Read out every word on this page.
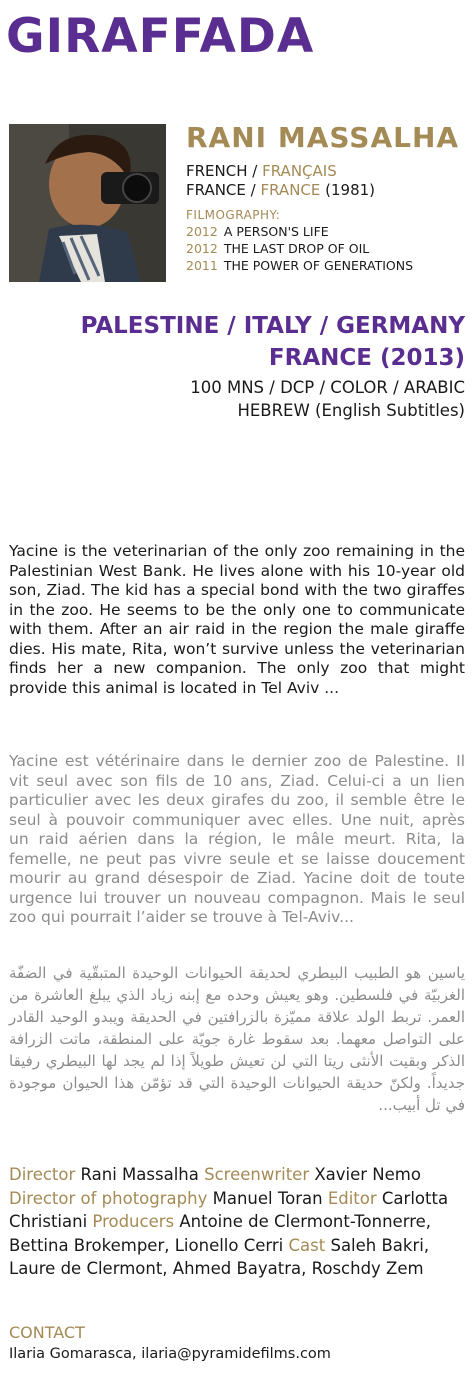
GIRAFFADA
RANI MASSALHA
FRENCH / FRANÇAIS
FRANCE / FRANCE (1981)
FILMOGRAPHY:
2012 A PERSON'S LIFE
2012 THE LAST DROP OF OIL
2011 THE POWER OF GENERATIONS
PALESTINE / ITALY / GERMANY
FRANCE (2013)
100 MNS / DCP / COLOR / ARABIC
HEBREW (English Subtitles)
Yacine is the veterinarian of the only zoo remaining in the Palestinian West Bank. He lives alone with his 10-year old son, Ziad. The kid has a special bond with the two giraffes in the zoo. He seems to be the only one to communicate with them. After an air raid in the region the male giraffe dies. His mate, Rita, won’t survive unless the veterinarian finds her a new companion. The only zoo that might provide this animal is located in Tel Aviv ...
Yacine est vétérinaire dans le dernier zoo de Palestine. Il vit seul avec son fils de 10 ans, Ziad. Celui-ci a un lien particulier avec les deux girafes du zoo, il semble être le seul à pouvoir communiquer avec elles. Une nuit, après un raid aérien dans la région, le mâle meurt. Rita, la femelle, ne peut pas vivre seule et se laisse doucement mourir au grand désespoir de Ziad. Yacine doit de toute urgence lui trouver un nouveau compagnon. Mais le seul zoo qui pourrait l’aider se trouve à Tel-Aviv...
ياسين هو الطبيب البيطري لحديقة الحيوانات الوحيدة المتبقّية في الضفّة الغربيّة في فلسطين. وهو يعيش وحده مع إبنه زياد الذي يبلغ العاشرة من العمر. تربط الولد علاقة مميّزة بالزرافتين في الحديقة ويبدو الوحيد القادر على التواصل معهما. بعد سقوط غارة جويّة على المنطقة، ماتت الزرافة الذكر وبقيت الأنثى ريتا التي لن تعيش طويلاً إذا لم يجد لها البيطري رفيقا جديداً. ولكنّ حديقة الحيوانات الوحيدة التي قد تؤمّن هذا الحيوان موجودة في تل أبيب...
Director Rani Massalha Screenwriter Xavier Nemo Director of photography Manuel Toran Editor Carlotta Christiani Producers Antoine de Clermont-Tonnerre, Bettina Brokemper, Lionello Cerri Cast Saleh Bakri, Laure de Clermont, Ahmed Bayatra, Roschdy Zem
CONTACT
Ilaria Gomarasca, ilaria@pyramidefilms.com
